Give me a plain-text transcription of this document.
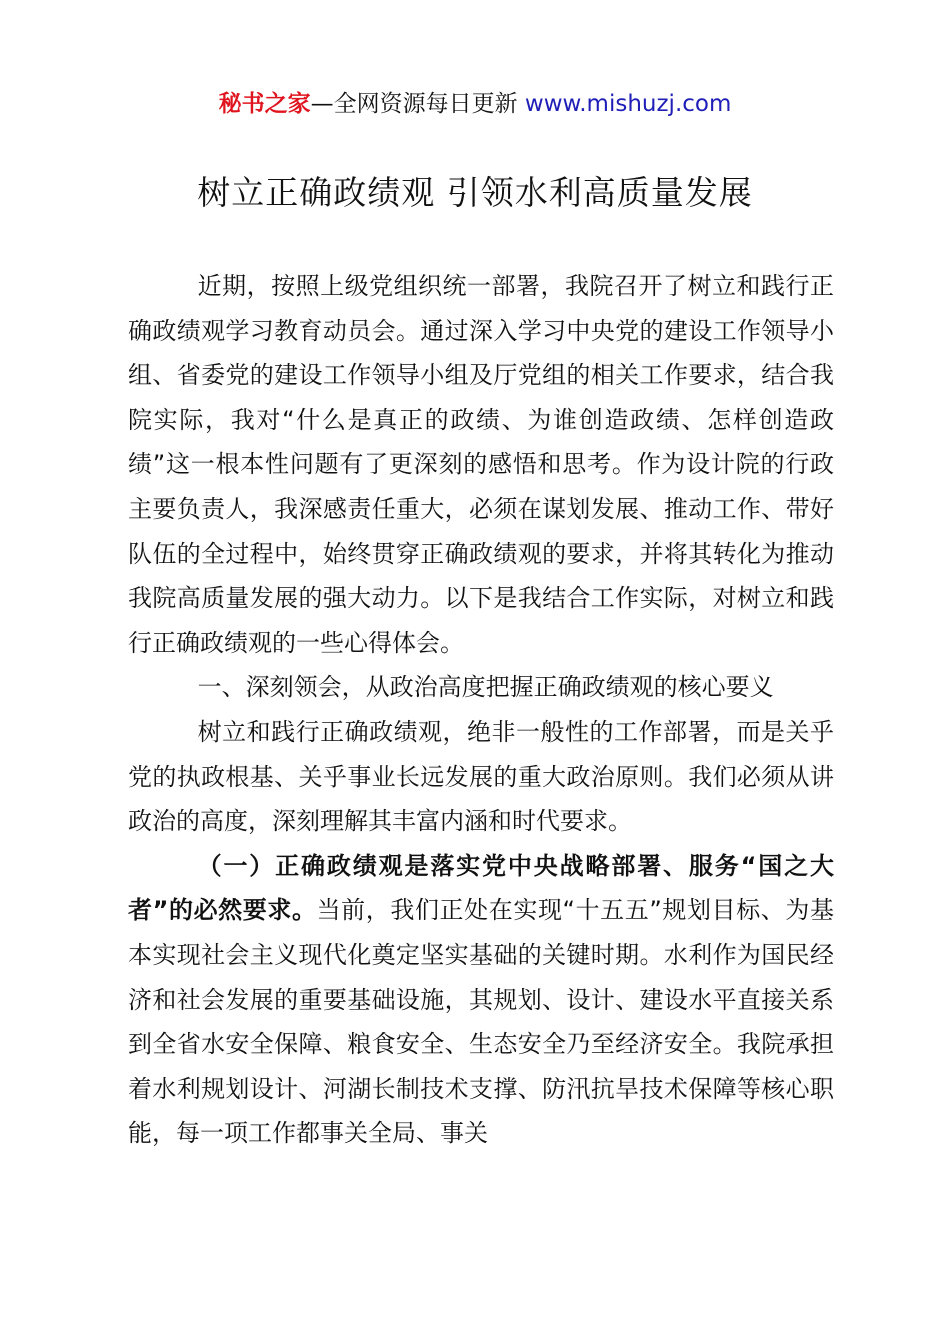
秘书之家—全网资源每日更新 www.mishuzj.com
树立正确政绩观 引领水利高质量发展

近期，按照上级党组织统一部署，我院召开了树立和践行正确政绩观学习教育动员会。通过深入学习中央党的建设工作领导小组、省委党的建设工作领导小组及厅党组的相关工作要求，结合我院实际，我对“什么是真正的政绩、为谁创造政绩、怎样创造政绩”这一根本性问题有了更深刻的感悟和思考。作为设计院的行政主要负责人，我深感责任重大，必须在谋划发展、推动工作、带好队伍的全过程中，始终贯穿正确政绩观的要求，并将其转化为推动我院高质量发展的强大动力。以下是我结合工作实际，对树立和践行正确政绩观的一些心得体会。

一、深刻领会，从政治高度把握正确政绩观的核心要义

树立和践行正确政绩观，绝非一般性的工作部署，而是关乎党的执政根基、关乎事业长远发展的重大政治原则。我们必须从讲政治的高度，深刻理解其丰富内涵和时代要求。

（一）正确政绩观是落实党中央战略部署、服务“国之大者”的必然要求。当前，我们正处在实现“十五五”规划目标、为基本实现社会主义现代化奠定坚实基础的关键时期。水利作为国民经济和社会发展的重要基础设施，其规划、设计、建设水平直接关系到全省水安全保障、粮食安全、生态安全乃至经济安全。我院承担着水利规划设计、河湖长制技术支撑、防汛抗旱技术保障等核心职能，每一项工作都事关全局、事关
